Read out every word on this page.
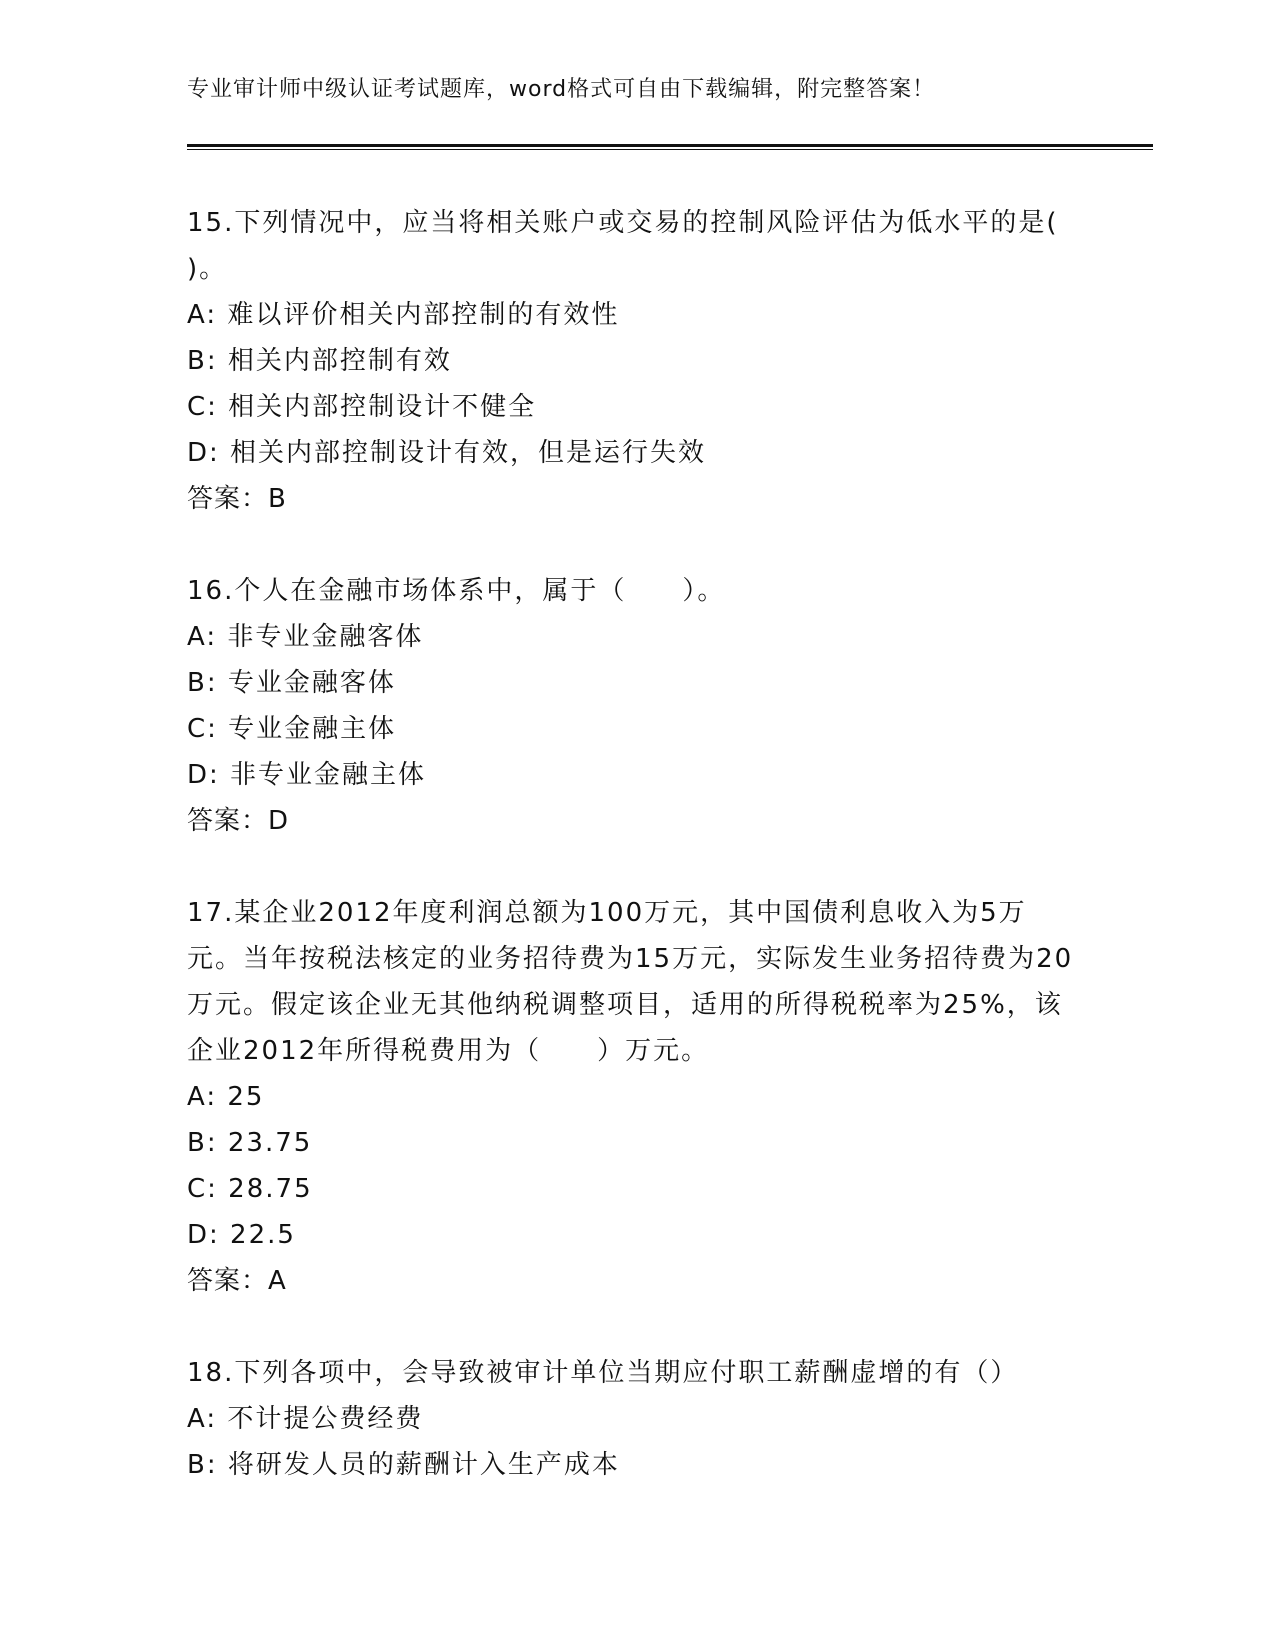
专业审计师中级认证考试题库，word格式可自由下载编辑，附完整答案！
15.下列情况中，应当将相关账户或交易的控制风险评估为低水平的是( )。
A: 难以评价相关内部控制的有效性
B: 相关内部控制有效
C: 相关内部控制设计不健全
D: 相关内部控制设计有效，但是运行失效
答案：B
16.个人在金融市场体系中，属于（　　）。
A: 非专业金融客体
B: 专业金融客体
C: 专业金融主体
D: 非专业金融主体
答案：D
17.某企业2012年度利润总额为100万元，其中国债利息收入为5万元。当年按税法核定的业务招待费为15万元，实际发生业务招待费为20万元。假定该企业无其他纳税调整项目，适用的所得税税率为25%，该企业2012年所得税费用为（　　）万元。
A: 25
B: 23.75
C: 28.75
D: 22.5
答案：A
18.下列各项中，会导致被审计单位当期应付职工薪酬虚增的有（）
A: 不计提公费经费
B: 将研发人员的薪酬计入生产成本
